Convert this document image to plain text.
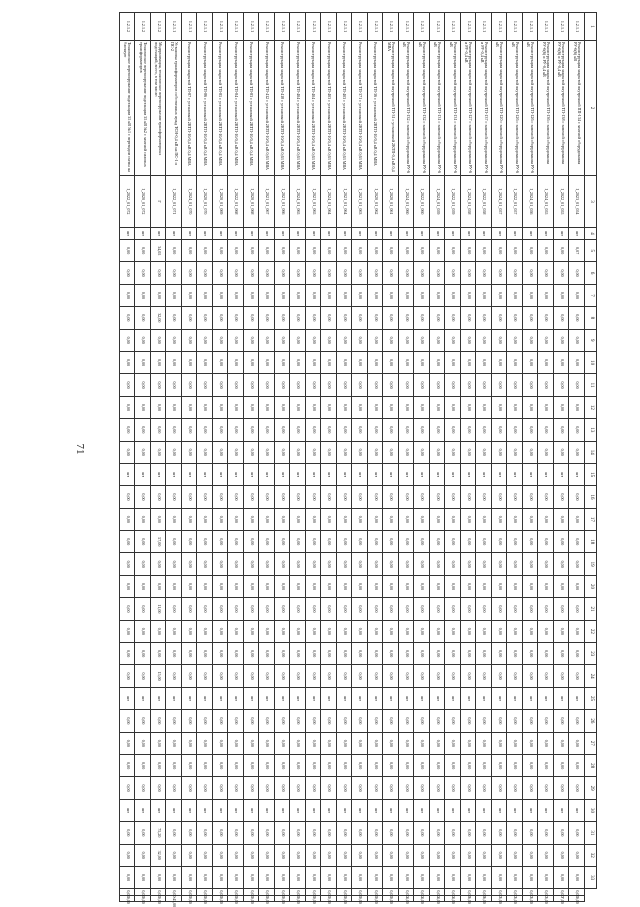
71
1	2	3	4	5	6	7	8	9	10	11	12	13	14	15	16	17	18	19	20	21	22	23	24	25	26	27	28	29	30	31	32	33		
1.2.1.1	Реконструкция закрытой внутренней ПП-134 с заменой оборудования РУ-6(6) кВ	I_2023_01_054	шт	0,07	0,00	0,00	0,00	0,00	0,00	0,00	0,00	0,00	0,00	шт	0,00	0,00	0,00	0,00	0,00	0,00	0,00	0,00	0,00	шт	0,00	0,00	0,00	0,00	шт	0,00	0,00	0,00	0,00	0,00
1.2.1.1	Реконструкция закрытой внутренней ТП-138 с заменой оборудования РУ-6(6) и РУ-0,4 кВ	I_2022_01_055	шт	0,00	0,00	0,00	0,00	0,00	0,00	0,00	0,00	0,00	0,00	шт	0,00	0,00	0,00	0,00	0,00	0,00	0,00	0,00	0,00	шт	0,00	0,00	0,00	0,00	шт	0,00	0,00	0,00	0,00	7,00
1.2.1.1	Реконструкция закрытой внутренней ТП-136 с заменой оборудования РУ-6(6) и РУ-0,4 кВ	I_2024_01_055	шт	0,00	0,00	0,00	0,00	0,00	0,00	0,00	0,00	0,00	0,00	шт	0,00	0,00	0,00	0,00	0,00	0,00	0,00	0,00	0,00	шт	0,00	0,00	0,00	0,00	шт	0,00	0,00	0,00	0,00	5,00
1.2.1.1	Реконструкция закрытой внутренней ТП-126 с заменой оборудования РУ-6 кВ	I_2024_01_056	шт	0,00	0,00	0,00	0,00	0,00	0,00	0,00	0,00	0,00	0,00	шт	0,00	0,00	0,00	0,00	0,00	0,00	0,00	0,00	0,00	шт	0,00	0,00	0,00	0,00	шт	0,00	0,00	0,00	0,00	5,00
1.2.1.1	Реконструкция закрытой внутренней ТП-126 с заменой оборудования РУ-6 кВ	I_2022_01_057	шт	0,00	0,00	0,00	0,00	0,00	0,00	0,00	0,00	0,00	0,00	шт	0,00	0,00	0,00	0,00	0,00	0,00	0,00	0,00	0,00	шт	0,00	0,00	0,00	0,00	шт	0,00	0,00	0,00	0,00	5,00
1.2.1.1	Реконструкция закрытой внутренней ТП-120 с заменой оборудования РУ-6 кВ	I_2024_01_057	шт	0,00	0,00	0,00	0,00	0,00	0,00	0,00	0,00	0,00	0,00	шт	0,00	0,00	0,00	0,00	0,00	0,00	0,00	0,00	0,00	шт	0,00	0,00	0,00	0,00	шт	0,00	0,00	0,00	0,00	5,00
1.2.1.1	Реконструкция закрытой внутренней ТП-137 с заменой оборудования РУ-6 и РУ-0,4 кВ	I_2022_01_058	шт	0,00	0,00	0,00	0,00	0,00	0,00	0,00	0,00	0,00	0,00	шт	0,00	0,00	0,00	0,00	0,00	0,00	0,00	0,00	0,00	шт	0,00	0,00	0,00	0,00	шт	0,00	0,00	0,00	0,00	6,00
1.2.1.1	Реконструкция закрытой внутренней ТП-127 с заменой оборудования РУ-6 и РУ-0,4 кВ	I_2024_01_058	шт	0,00	0,00	0,00	0,00	0,00	0,00	0,00	0,00	0,00	0,00	шт	0,00	0,00	0,00	0,00	0,00	0,00	0,00	0,00	0,00	шт	0,00	0,00	0,00	0,00	шт	0,00	0,00	0,00	0,00	6,00
1.2.1.1	Реконструкция закрытой внутренней ТП-131 с заменой оборудования РУ-6 кВ	I_2022_01_059	шт	0,00	0,00	0,00	0,00	0,00	0,00	0,00	0,00	0,00	0,00	шт	0,00	0,00	0,00	0,00	0,00	0,00	0,00	0,00	0,00	шт	0,00	0,00	0,00	0,00	шт	0,00	0,00	0,00	0,00	4,00
1.2.1.1	Реконструкция закрытой внутренней ТП-131 с заменой оборудования РУ-6 кВ	I_2024_01_059	шт	0,00	0,00	0,00	0,00	0,00	0,00	0,00	0,00	0,00	0,00	шт	0,00	0,00	0,00	0,00	0,00	0,00	0,00	0,00	0,00	шт	0,00	0,00	0,00	0,00	шт	0,00	0,00	0,00	0,00	4,00
1.2.1.1	Реконструкция закрытой внутренней ТП-132 с заменой оборудования РУ-6 кВ	I_2022_01_060	шт	0,00	0,00	0,00	0,00	0,00	0,00	0,00	0,00	0,00	0,00	шт	0,00	0,00	0,00	0,00	0,00	0,00	0,00	0,00	0,00	шт	0,00	0,00	0,00	0,00	шт	0,00	0,00	0,00	0,00	4,00
1.2.1.1	Реконструкция закрытой внутренней ТП-132 с заменой оборудования РУ-6 кВ	I_2024_01_060	шт	0,00	0,00	0,00	0,00	0,00	0,00	0,00	0,00	0,00	0,00	шт	0,00	0,00	0,00	0,00	0,00	0,00	0,00	0,00	0,00	шт	0,00	0,00	0,00	0,00	шт	0,00	0,00	0,00	0,00	4,00
1.2.1.1	Реконструкция закрытой внутренней ТП-31 с установкой 2КТП-0,4 кВ 0,4 МВА	I_2020_01_061	шт	0,00	0,00	0,00	0,00	0,00	0,00	0,00	0,00	0,00	0,00	шт	0,00	0,00	0,00	0,00	0,00	0,00	0,00	0,00	0,00	шт	0,00	0,00	0,00	0,00	шт	0,00	0,00	0,00	0,00	0,00
1.2.1.1	Реконструкция закрытой ТП-36 с установкой 2КТП-10/0,4 кВ 0,4 МВА	I_2020_01_062	шт	0,00	0,00	0,00	0,00	0,00	0,00	0,00	0,00	0,00	0,00	шт	0,00	0,00	0,00	0,00	0,00	0,00	0,00	0,00	0,00	шт	0,00	0,00	0,00	0,00	шт	0,00	0,00	0,00	0,00	0,00
1.2.1.1	Реконструкция закрытой ТП-371 с установкой 2КТП-10/0,4 кВ 0,63 МВА	I_2021_01_063	шт	0,00	0,00	0,00	0,00	0,00	0,00	0,00	0,00	0,00	0,00	шт	0,00	0,00	0,00	0,00	0,00	0,00	0,00	0,00	0,00	шт	0,00	0,00	0,00	0,00	шт	0,00	0,00	0,00	0,00	0,00
1.2.1.1	Реконструкция закрытой ТП-403 с установкой 2КТП-10/0,4 кВ 0,63 МВА	I_2021_01_064	шт	0,00	0,00	0,00	0,00	0,00	0,00	0,00	0,00	0,00	0,00	шт	0,00	0,00	0,00	0,00	0,00	0,00	0,00	0,00	0,00	шт	0,00	0,00	0,00	0,00	шт	0,00	0,00	0,00	0,00	0,00
1.2.1.1	Реконструкция закрытой ТП-403 с установкой 2КТП-10/0,4 кВ 0,63 МВА	I_2024_01_064	шт	0,00	0,00	0,00	0,00	0,00	0,00	0,00	0,00	0,00	0,00	шт	0,00	0,00	0,00	0,00	0,00	0,00	0,00	0,00	0,00	шт	0,00	0,00	0,00	0,00	шт	0,00	0,00	0,00	0,00	0,00
1.2.1.1	Реконструкция закрытой ТП-404 с установкой 2КТП-10/0,4 кВ 0,63 МВА	I_2021_01_065	шт	0,00	0,00	0,00	0,00	0,00	0,00	0,00	0,00	0,00	0,00	шт	0,00	0,00	0,00	0,00	0,00	0,00	0,00	0,00	0,00	шт	0,00	0,00	0,00	0,00	шт	0,00	0,00	0,00	0,00	0,00
1.2.1.1	Реконструкция закрытой ТП-404 с установкой 2КТП-10/0,4 кВ 0,63 МВА	I_2024_01_065	шт	0,00	0,00	0,00	0,00	0,00	0,00	0,00	0,00	0,00	0,00	шт	0,00	0,00	0,00	0,00	0,00	0,00	0,00	0,00	0,00	шт	0,00	0,00	0,00	0,00	шт	0,00	0,00	0,00	0,00	0,00
1.2.1.1	Реконструкция закрытой ТП-418 с установкой 2КТП-10/0,4 кВ 0,63 МВА	I_2021_01_066	шт	0,00	0,00	0,00	0,00	0,00	0,00	0,00	0,00	0,00	0,00	шт	0,00	0,00	0,00	0,00	0,00	0,00	0,00	0,00	0,00	шт	0,00	0,00	0,00	0,00	шт	0,00	0,00	0,00	0,00	0,00
1.2.1.1	Реконструкция закрытой ТП-412 с установкой 2КТП-10/0,4 кВ 0,63 МВА	I_2021_01_067	шт	0,00	0,00	0,00	0,00	0,00	0,00	0,00	0,00	0,00	0,00	шт	0,00	0,00	0,00	0,00	0,00	0,00	0,00	0,00	0,00	шт	0,00	0,00	0,00	0,00	шт	0,00	0,00	0,00	0,00	0,00
1.2.1.1	Реконструкция закрытой ТП-83 с установкой 2КТП-10/0,4 кВ 0,4 МВА	I_2020_01_068	шт	0,00	0,00	0,00	0,00	0,00	0,00	0,00	0,00	0,00	0,00	шт	0,00	0,00	0,00	0,00	0,00	0,00	0,00	0,00	0,00	шт	0,00	0,00	0,00	0,00	шт	0,00	0,00	0,00	0,00	0,00
1.2.1.1	Реконструкция закрытой ТП-84 с установкой 2КТП-10/0,4 кВ 0,4 МВА	I_2022_01_068	шт	0,00	0,00	0,00	0,00	0,00	0,00	0,00	0,00	0,00	0,00	шт	0,00	0,00	0,00	0,00	0,00	0,00	0,00	0,00	0,00	шт	0,00	0,00	0,00	0,00	шт	0,00	0,00	0,00	0,00	0,00
1.2.1.1	Реконструкция закрытой ТП-85 с установкой 2КТП-10/0,4 кВ 0,4 МВА	I_2020_01_069	шт	0,00	0,00	0,00	0,00	0,00	0,00	0,00	0,00	0,00	0,00	шт	0,00	0,00	0,00	0,00	0,00	0,00	0,00	0,00	0,00	шт	0,00	0,00	0,00	0,00	шт	0,00	0,00	0,00	0,00	0,00
1.2.1.1	Реконструкция закрытой ТП-86 с установкой 2КТП-10/0,4 кВ 0,4 МВА	I_2020_01_070	шт	0,00	0,00	0,00	0,00	0,00	0,00	0,00	0,00	0,00	0,00	шт	0,00	0,00	0,00	0,00	0,00	0,00	0,00	0,00	0,00	шт	0,00	0,00	0,00	0,00	шт	0,00	0,00	0,00	0,00	0,00
1.2.1.1	Реконструкция закрытой ТП-87 с установкой 2КТП-10/0,4 кВ 0,4 МВА	I_2024_01_070	шт	0,00	0,00	0,00	0,00	0,00	0,00	0,00	0,00	0,00	0,00	шт	0,00	0,00	0,00	0,00	0,00	0,00	0,00	0,00	0,00	шт	0,00	0,00	0,00	0,00	шт	0,00	0,00	0,00	0,00	0,00
1.2.1.1	Установка трансформаторов собственных нужд ТСН-0,4 кВ на ПС-1 и ПС-2	I_2022_01_071	шт	0,00	0,00	0,00	0,00	0,00	0,00	0,00	0,00	0,00	0,00	шт	0,00	0,00	0,00	0,00	0,00	0,00	0,00	0,00	0,00	шт	0,00	0,00	0,00	0,00	шт	0,00	0,00	0,00	0,00	-45,00
1.2.1.2	Модернизация, техническое перевооружение трансформаторных подстанций, всего, в том числе:	Г	шт	34,05	0,00	0,00	32,00	0,00	0,00	0,00	0,00	0,00	0,00	шт	0,00	0,00	57,00	0,00	0,00	11,00	0,00	0,00	15,00	шт	0,00	0,00	0,00	0,00	шт	75,20	32,00	0,00	0,00	0,00
1.2.1.2	Техническое перевооружение подстанции 35 кВ №2 с заменой силовых трансформаторов	I_2020_01_072	шт	0,00	0,00	0,00	0,00	0,00	0,00	0,00	0,00	0,00	0,00	шт	0,00	0,00	0,00	0,00	0,00	0,00	0,00	0,00	0,00	шт	0,00	0,00	0,00	0,00	шт	0,00	0,00	0,00	0,00	0,00
1.2.1.2	Техническое перевооружение подстанции 35 кВ №1 с переводом схемы на блочную	I_2022_01_072	шт	0,00	0,00	0,00	0,00	0,00	0,00	0,00	0,00	0,00	0,00	шт	0,00	0,00	0,00	0,00	0,00	0,00	0,00	0,00	0,00	шт	0,00	0,00	0,00	0,00	шт	0,00	0,00	0,00	0,00	0,00
